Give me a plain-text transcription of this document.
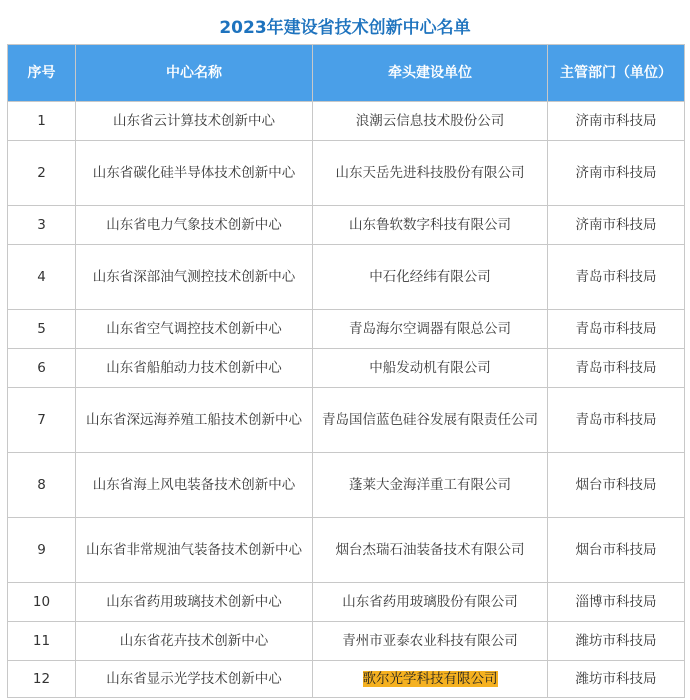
2023年建设省技术创新中心名单
序号	中心名称	牵头建设单位	主管部门（单位）
1	山东省云计算技术创新中心	浪潮云信息技术股份公司	济南市科技局
2	山东省碳化硅半导体技术创新中心	山东天岳先进科技股份有限公司	济南市科技局
3	山东省电力气象技术创新中心	山东鲁软数字科技有限公司	济南市科技局
4	山东省深部油气测控技术创新中心	中石化经纬有限公司	青岛市科技局
5	山东省空气调控技术创新中心	青岛海尔空调器有限总公司	青岛市科技局
6	山东省船舶动力技术创新中心	中船发动机有限公司	青岛市科技局
7	山东省深远海养殖工船技术创新中心	青岛国信蓝色硅谷发展有限责任公司	青岛市科技局
8	山东省海上风电装备技术创新中心	蓬莱大金海洋重工有限公司	烟台市科技局
9	山东省非常规油气装备技术创新中心	烟台杰瑞石油装备技术有限公司	烟台市科技局
10	山东省药用玻璃技术创新中心	山东省药用玻璃股份有限公司	淄博市科技局
11	山东省花卉技术创新中心	青州市亚泰农业科技有限公司	潍坊市科技局
12	山东省显示光学技术创新中心	歌尔光学科技有限公司	潍坊市科技局
